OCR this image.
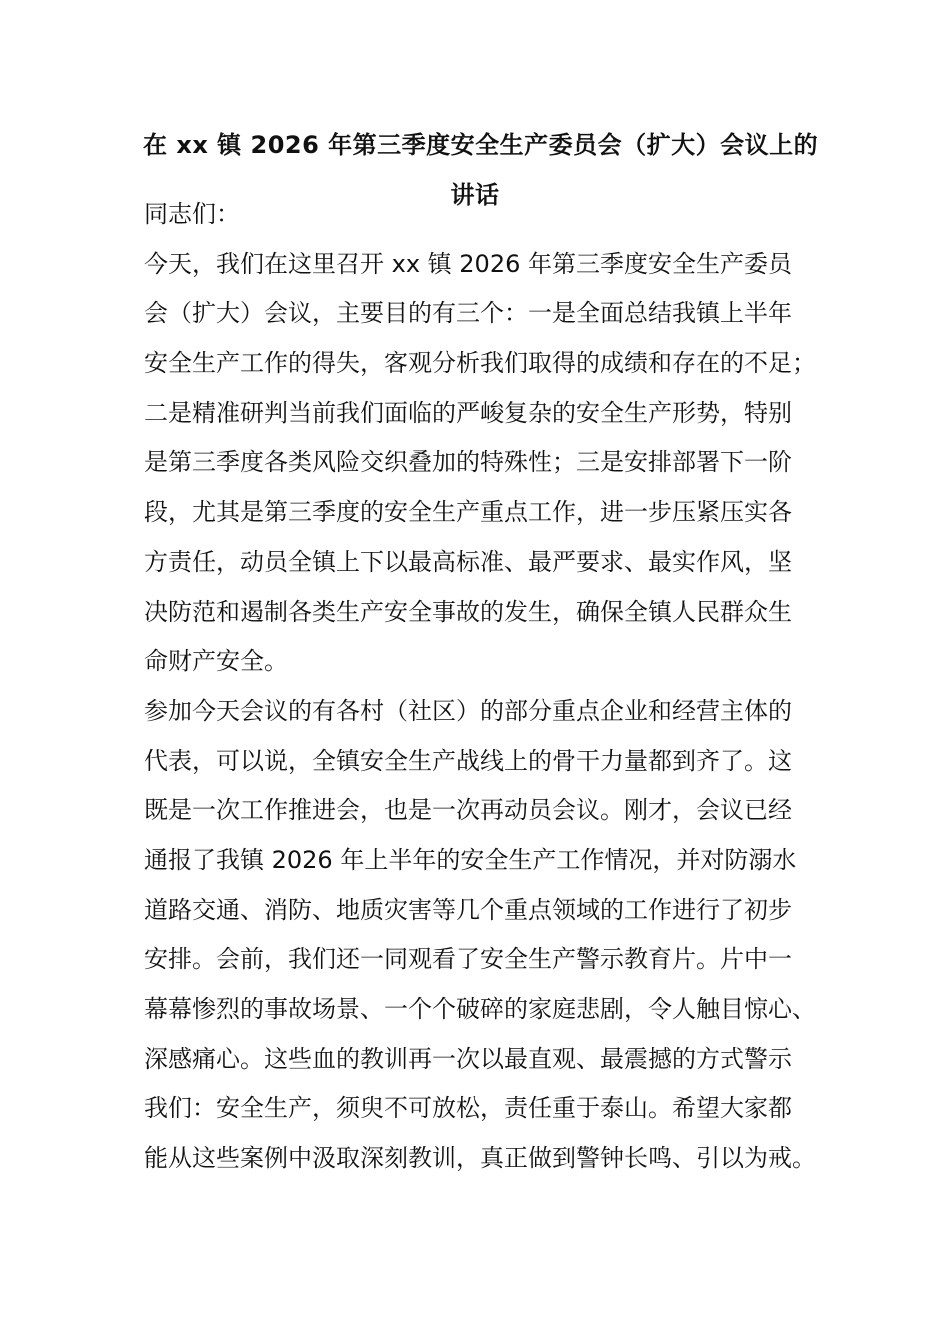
在 xx 镇 2026 年第三季度安全生产委员会（扩大）会议上的
讲话

同志们：

今天，我们在这里召开 xx 镇 2026 年第三季度安全生产委员
会（扩大）会议，主要目的有三个：一是全面总结我镇上半年
安全生产工作的得失，客观分析我们取得的成绩和存在的不足；
二是精准研判当前我们面临的严峻复杂的安全生产形势，特别
是第三季度各类风险交织叠加的特殊性；三是安排部署下一阶
段，尤其是第三季度的安全生产重点工作，进一步压紧压实各
方责任，动员全镇上下以最高标准、最严要求、最实作风，坚
决防范和遏制各类生产安全事故的发生，确保全镇人民群众生
命财产安全。

参加今天会议的有各村（社区）的部分重点企业和经营主体的
代表，可以说，全镇安全生产战线上的骨干力量都到齐了。这
既是一次工作推进会，也是一次再动员会议。刚才，会议已经
通报了我镇 2026 年上半年的安全生产工作情况，并对防溺水
道路交通、消防、地质灾害等几个重点领域的工作进行了初步
安排。会前，我们还一同观看了安全生产警示教育片。片中一
幕幕惨烈的事故场景、一个个破碎的家庭悲剧，令人触目惊心、
深感痛心。这些血的教训再一次以最直观、最震撼的方式警示
我们：安全生产，须臾不可放松，责任重于泰山。希望大家都
能从这些案例中汲取深刻教训，真正做到警钟长鸣、引以为戒。
